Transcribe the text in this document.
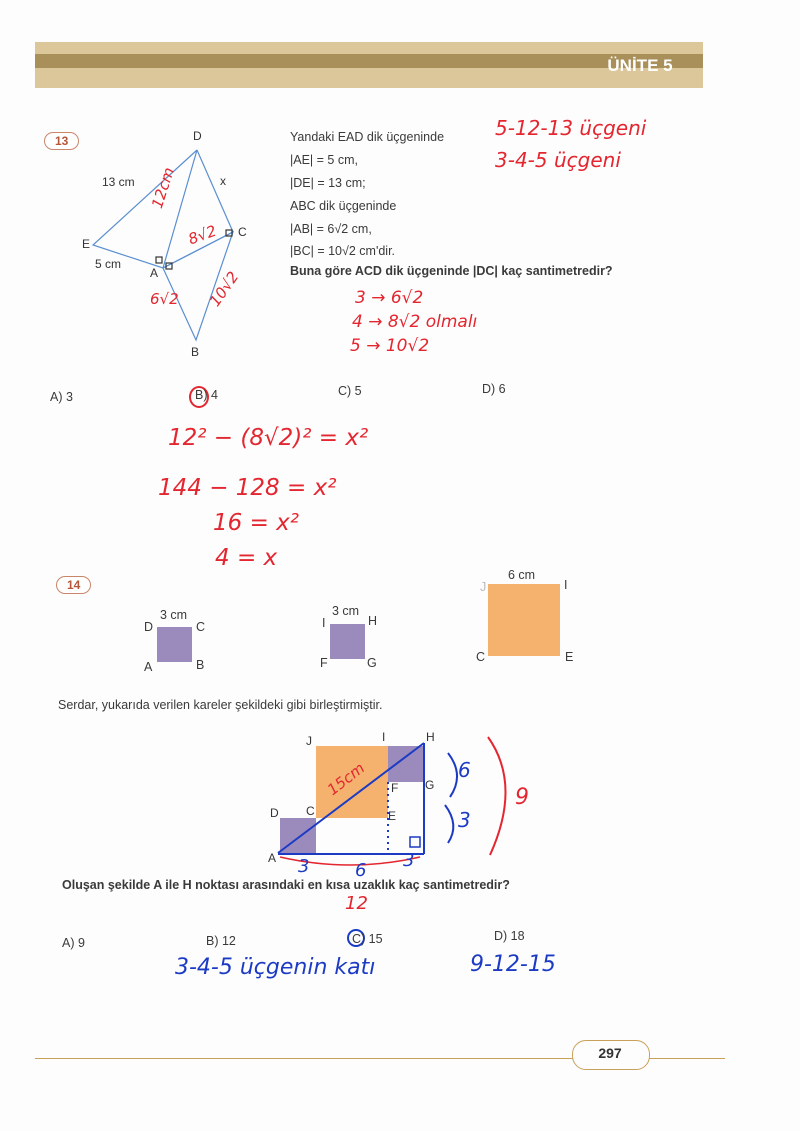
ÜNİTE 5
13	D
E
A
C
B
13 cm
5 cm
x
12cm
8√2
6√2 10√2
Yandaki EAD dik üçgeninde
|AE| = 5 cm,
|DE| = 13 cm;
ABC dik üçgeninde
|AB| = 6√2 cm,
|BC| = 10√2 cm'dir.
Buna göre ACD dik üçgeninde |DC| kaç santimetredir?
5-12-13 üçgeni
3-4-5 üçgeni
3 → 6√2
4 → 8√2 olmalı
5 → 10√2
A) 3	B) 4	C) 5	D) 6
12² − (8√2)² = x²
144 − 128 = x²
16 = x²
4 = x
14
3 cm
D	C
A	B
3 cm
I	H
F	G
6 cm
J	I
C	E
Serdar, yukarıda verilen kareler şekildeki gibi birleştirmiştir.
J	I	H
F G
D C
A
E
15cm	6
3
9
3	6 3
Oluşan şekilde A ile H noktası arasındaki en kısa uzaklık kaç santimetredir?
12
A) 9	B) 12	C) 15	D) 18
3-4-5 üçgenin katı	9-12-15
297
